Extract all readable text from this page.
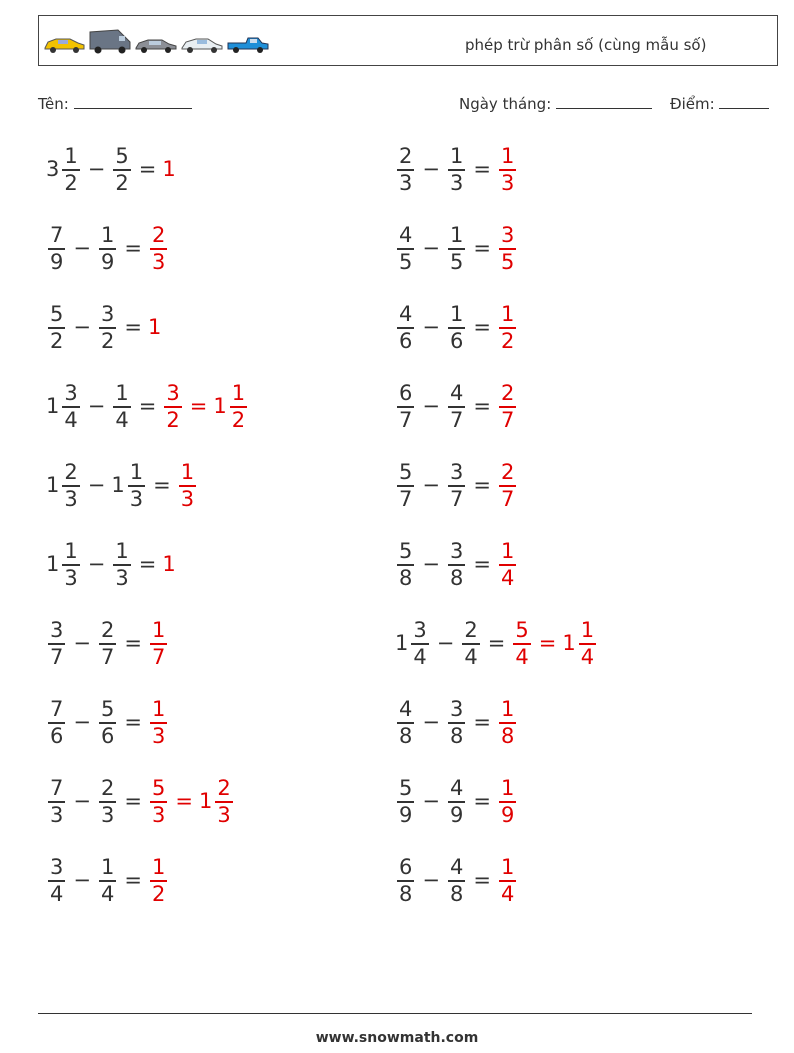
phép trừ phân số (cùng mẫu số)
Tên:	Ngày tháng:	Điểm:
$3 \frac{1}{2} - \frac{5}{2} = 1$	$\frac{2}{3} - \frac{1}{3} = \frac{1}{3}$
$\frac{7}{9} - \frac{1}{9} = \frac{2}{3}$	$\frac{4}{5} - \frac{1}{5} = \frac{3}{5}$
$\frac{5}{2} - \frac{3}{2} = 1$	$\frac{4}{6} - \frac{1}{6} = \frac{1}{2}$
$1 \frac{3}{4} - \frac{1}{4} = \frac{3}{2} = 1 \frac{1}{2}$	$\frac{6}{7} - \frac{4}{7} = \frac{2}{7}$
$1 \frac{2}{3} - 1 \frac{1}{3} = \frac{1}{3}$	$\frac{5}{7} - \frac{3}{7} = \frac{2}{7}$
$1 \frac{1}{3} - \frac{1}{3} = 1$	$\frac{5}{8} - \frac{3}{8} = \frac{1}{4}$
$\frac{3}{7} - \frac{2}{7} = \frac{1}{7}$	$1 \frac{3}{4} - \frac{2}{4} = \frac{5}{4} = 1 \frac{1}{4}$
$\frac{7}{6} - \frac{5}{6} = \frac{1}{3}$	$\frac{4}{8} - \frac{3}{8} = \frac{1}{8}$
$\frac{7}{3} - \frac{2}{3} = \frac{5}{3} = 1 \frac{2}{3}$	$\frac{5}{9} - \frac{4}{9} = \frac{1}{9}$
$\frac{3}{4} - \frac{1}{4} = \frac{1}{2}$	$\frac{6}{8} - \frac{4}{8} = \frac{1}{4}$
www.snowmath.com
